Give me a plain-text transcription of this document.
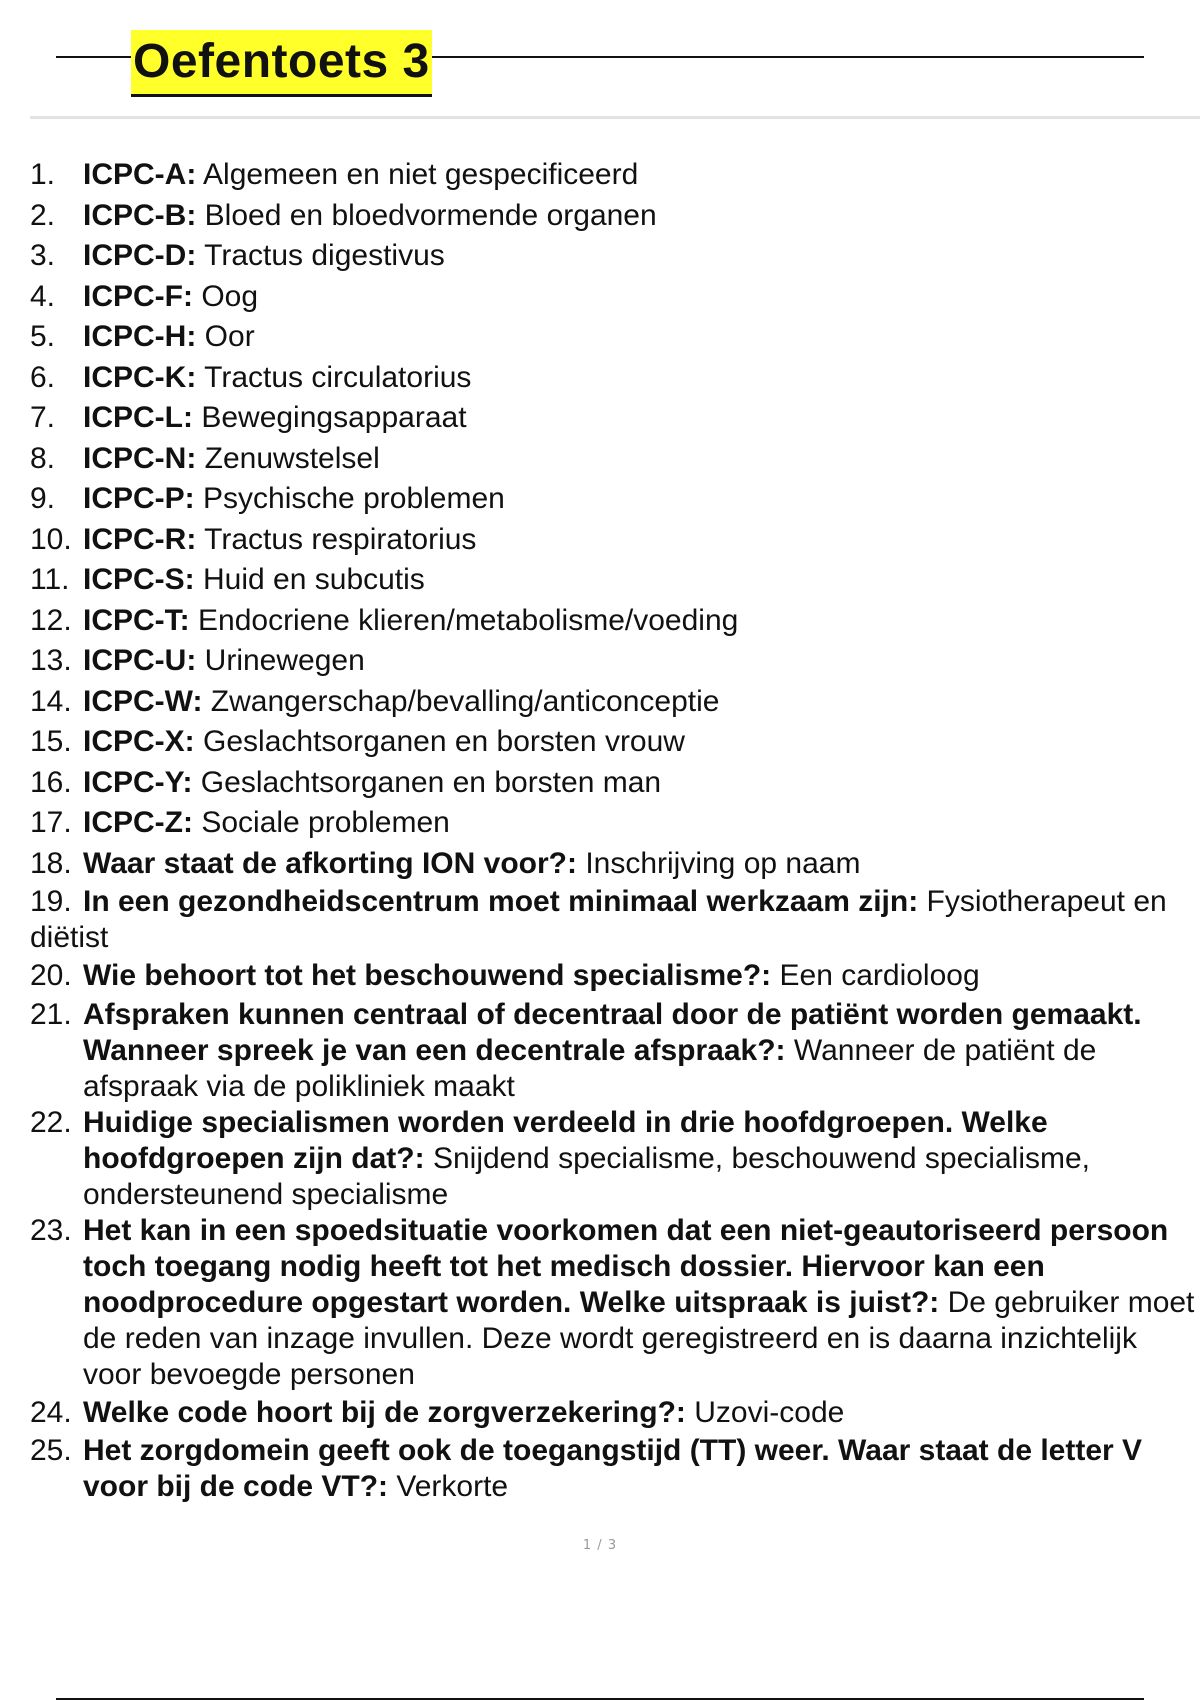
Oefentoets 3
1. ICPC-A: Algemeen en niet gespecificeerd
2. ICPC-B: Bloed en bloedvormende organen
3. ICPC-D: Tractus digestivus
4. ICPC-F: Oog
5. ICPC-H: Oor
6. ICPC-K: Tractus circulatorius
7. ICPC-L: Bewegingsapparaat
8. ICPC-N: Zenuwstelsel
9. ICPC-P: Psychische problemen
10. ICPC-R: Tractus respiratorius
11. ICPC-S: Huid en subcutis
12. ICPC-T: Endocriene klieren/metabolisme/voeding
13. ICPC-U: Urinewegen
14. ICPC-W: Zwangerschap/bevalling/anticonceptie
15. ICPC-X: Geslachtsorganen en borsten vrouw
16. ICPC-Y: Geslachtsorganen en borsten man
17. ICPC-Z: Sociale problemen
18. Waar staat de afkorting ION voor?: Inschrijving op naam
19. In een gezondheidscentrum moet minimaal werkzaam zijn: Fysiotherapeut en diëtist
20. Wie behoort tot het beschouwend specialisme?: Een cardioloog
21. Afspraken kunnen centraal of decentraal door de patiënt worden gemaakt. Wanneer spreek je van een decentrale afspraak?: Wanneer de patiënt de afspraak via de polikliniek maakt
22. Huidige specialismen worden verdeeld in drie hoofdgroepen. Welke hoofdgroepen zijn dat?: Snijdend specialisme, beschouwend specialisme, ondersteunend specialisme
23. Het kan in een spoedsituatie voorkomen dat een niet-geautoriseerd persoon toch toegang nodig heeft tot het medisch dossier. Hiervoor kan een noodprocedure opgestart worden. Welke uitspraak is juist?: De gebruiker moet de reden van inzage invullen. Deze wordt geregistreerd en is daarna inzichtelijk voor bevoegde personen
24. Welke code hoort bij de zorgverzekering?: Uzovi-code
25. Het zorgdomein geeft ook de toegangstijd (TT) weer. Waar staat de letter V voor bij de code VT?: Verkorte
1 / 3
